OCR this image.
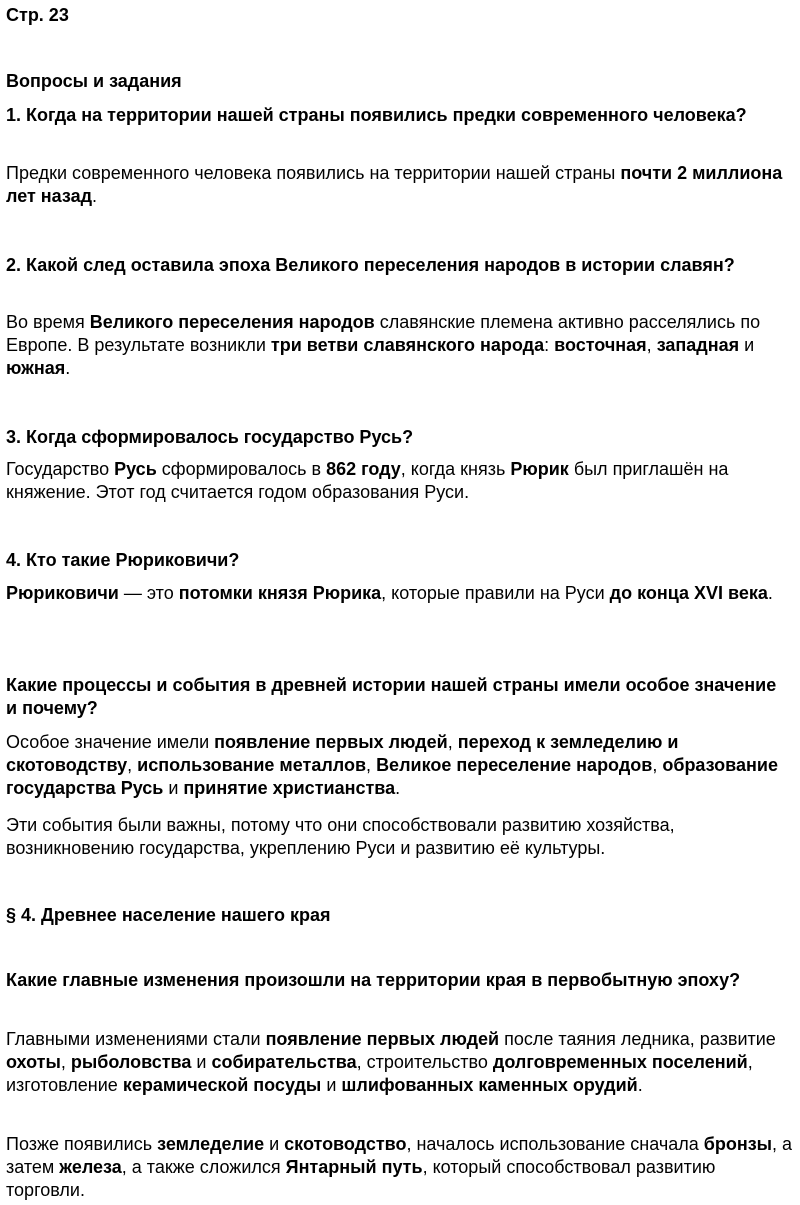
Стр. 23

Вопросы и задания

1. Когда на территории нашей страны появились предки современного человека?

Предки современного человека появились на территории нашей страны почти 2 миллиона лет назад.

2. Какой след оставила эпоха Великого переселения народов в истории славян?

Во время Великого переселения народов славянские племена активно расселялись по Европе. В результате возникли три ветви славянского народа: восточная, западная и южная.

3. Когда сформировалось государство Русь?

Государство Русь сформировалось в 862 году, когда князь Рюрик был приглашён на княжение. Этот год считается годом образования Руси.

4. Кто такие Рюриковичи?

Рюриковичи — это потомки князя Рюрика, которые правили на Руси до конца XVI века.

Какие процессы и события в древней истории нашей страны имели особое значение и почему?

Особое значение имели появление первых людей, переход к земледелию и скотоводству, использование металлов, Великое переселение народов, образование государства Русь и принятие христианства.

Эти события были важны, потому что они способствовали развитию хозяйства, возникновению государства, укреплению Руси и развитию её культуры.

§ 4. Древнее население нашего края

Какие главные изменения произошли на территории края в первобытную эпоху?

Главными изменениями стали появление первых людей после таяния ледника, развитие охоты, рыболовства и собирательства, строительство долговременных поселений, изготовление керамической посуды и шлифованных каменных орудий.

Позже появились земледелие и скотоводство, началось использование сначала бронзы, а затем железа, а также сложился Янтарный путь, который способствовал развитию торговли.
